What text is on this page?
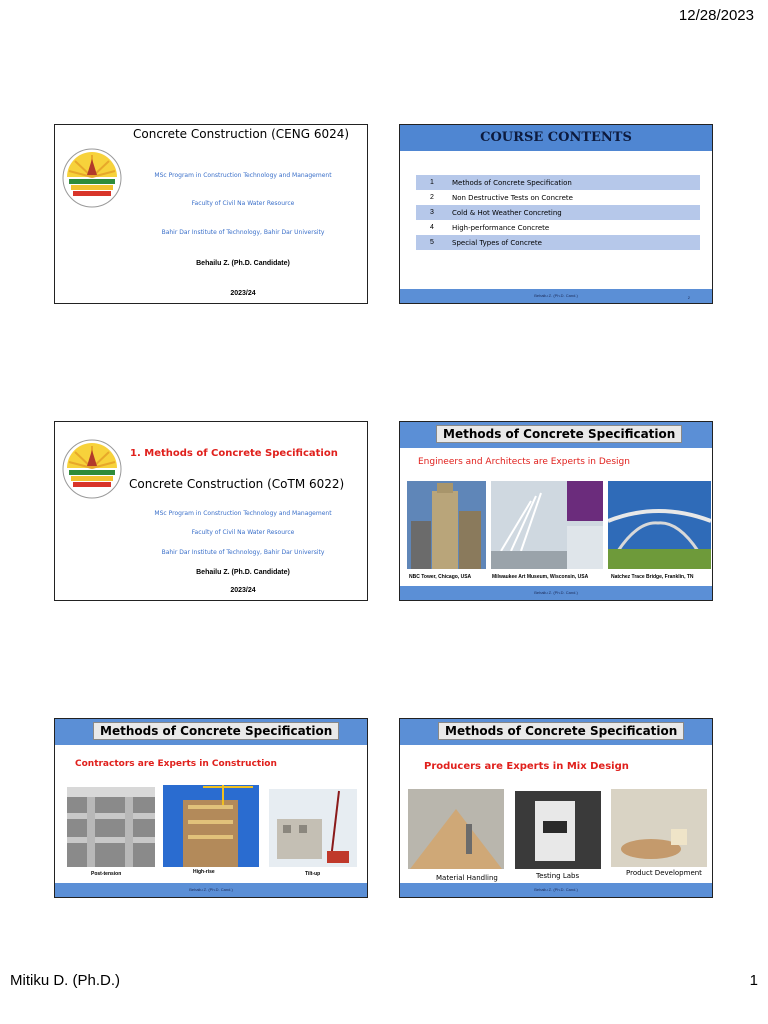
12/28/2023
Concrete Construction (CENG 6024)
MSc Program in Construction Technology and Management
Faculty of Civil Na Water Resource
Bahir Dar Institute of Technology, Bahir Dar University
Behailu Z. (Ph.D. Candidate)
2023/24
COURSE CONTENTS
1	Methods of Concrete Specification
2	Non Destructive Tests on Concrete
3	Cold & Hot Weather Concreting
4	High-performance Concrete
5	Special Types of Concrete
Behailu Z. (Ph.D. Cand.)	2
1. Methods of Concrete Specification
Concrete Construction (CoTM 6022)
MSc Program in Construction Technology and Management
Faculty of Civil Na Water Resource
Bahir Dar Institute of Technology, Bahir Dar University
Behailu Z. (Ph.D. Candidate)
2023/24
Methods of Concrete Specification
Engineers and Architects are Experts in Design
NBC Tower, Chicago, USA	Milwaukee Art Museum, Wisconsin, USA	Natchez Trace Bridge, Franklin, TN
Behailu Z. (Ph.D. Cand.)
Methods of Concrete Specification
Contractors are Experts in Construction
Post-tension	High-rise	Tilt-up
Behailu Z. (Ph.D. Cand.)
Methods of Concrete Specification
Producers are Experts in Mix Design
Material Handling	Testing Labs	Product Development
Behailu Z. (Ph.D. Cand.)
Mitiku D. (Ph.D.)	1
